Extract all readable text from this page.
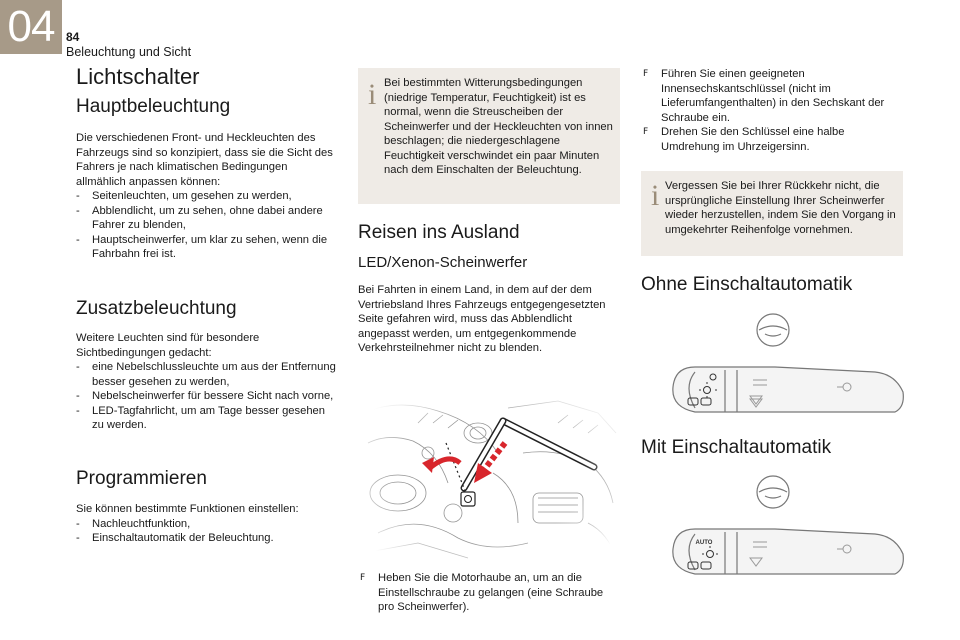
04 84
Beleuchtung und Sicht
Lichtschalter
Hauptbeleuchtung
Die verschiedenen Front- und Heckleuchten des Fahrzeugs sind so konzipiert, dass sie die Sicht des Fahrers je nach klimatischen Bedingungen allmählich anpassen können:
- Seitenleuchten, um gesehen zu werden,
- Abblendlicht, um zu sehen, ohne dabei andere Fahrer zu blenden,
- Hauptscheinwerfer, um klar zu sehen, wenn die Fahrbahn frei ist.
Zusatzbeleuchtung
Weitere Leuchten sind für besondere Sichtbedingungen gedacht:
- eine Nebelschlussleuchte um aus der Entfernung besser gesehen zu werden,
- Nebelscheinwerfer für bessere Sicht nach vorne,
- LED-Tagfahrlicht, um am Tage besser gesehen zu werden.
Programmieren
Sie können bestimmte Funktionen einstellen:
- Nachleuchtfunktion,
- Einschaltautomatik der Beleuchtung.
i Bei bestimmten Witterungsbedingungen (niedrige Temperatur, Feuchtigkeit) ist es normal, wenn die Streuscheiben der Scheinwerfer und der Heckleuchten von innen beschlagen; die niedergeschlagene Feuchtigkeit verschwindet ein paar Minuten nach dem Einschalten der Beleuchtung.
Reisen ins Ausland
LED/Xenon-Scheinwerfer
Bei Fahrten in einem Land, in dem auf der dem Vertriebsland Ihres Fahrzeugs entgegengesetzten Seite gefahren wird, muss das Abblendlicht angepasst werden, um entgegenkommende Verkehrsteilnehmer nicht zu blenden.
F Heben Sie die Motorhaube an, um an die Einstellschraube zu gelangen (eine Schraube pro Scheinwerfer).
F Führen Sie einen geeigneten Innensechskantschlüssel (nicht im Lieferumfangenthalten) in den Sechskant der Schraube ein.
F Drehen Sie den Schlüssel eine halbe Umdrehung im Uhrzeigersinn.
i Vergessen Sie bei Ihrer Rückkehr nicht, die ursprüngliche Einstellung Ihrer Scheinwerfer wieder herzustellen, indem Sie den Vorgang in umgekehrter Reihenfolge vornehmen.
Ohne Einschaltautomatik
Mit Einschaltautomatik
AUTO
